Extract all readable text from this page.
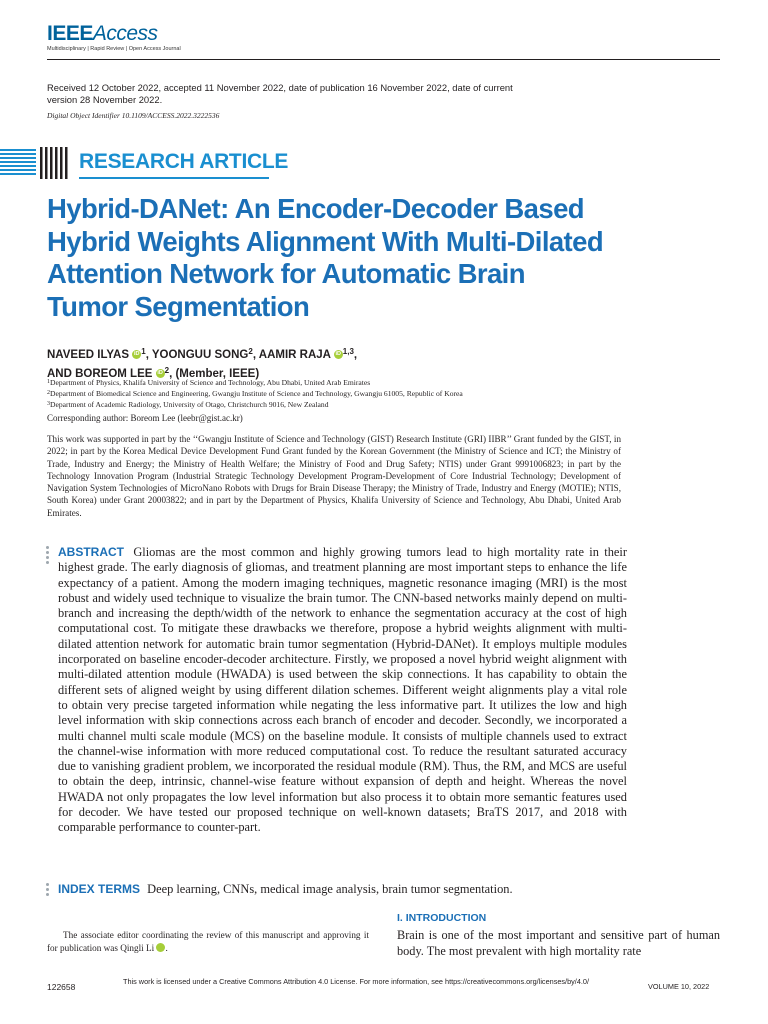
IEEEAccess
Multidisciplinary | Rapid Review | Open Access Journal
Received 12 October 2022, accepted 11 November 2022, date of publication 16 November 2022, date of current version 28 November 2022.
Digital Object Identifier 10.1109/ACCESS.2022.3222536
RESEARCH ARTICLE
Hybrid-DANet: An Encoder-Decoder Based Hybrid Weights Alignment With Multi-Dilated Attention Network for Automatic Brain Tumor Segmentation
NAVEED ILYAS iD $^1$, YOONGUU SONG$^2$, AAMIR RAJA iD $^{1,3}$,
AND BOREOM LEE iD $^2$, (Member, IEEE)
$^1$Department of Physics, Khalifa University of Science and Technology, Abu Dhabi, United Arab Emirates
$^2$Department of Biomedical Science and Engineering, Gwangju Institute of Science and Technology, Gwangju 61005, Republic of Korea
$^3$Department of Academic Radiology, University of Otago, Christchurch 9016, New Zealand
Corresponding author: Boreom Lee (leebr@gist.ac.kr)
This work was supported in part by the ‘‘Gwangju Institute of Science and Technology (GIST) Research Institute (GRI) IIBR’’ Grant funded by the GIST, in 2022; in part by the Korea Medical Device Development Fund Grant funded by the Korean Government (the Ministry of Science and ICT; the Ministry of Trade, Industry and Energy; the Ministry of Health Welfare; the Ministry of Food and Drug Safety; NTIS) under Grant 9991006823; in part by the Technology Innovation Program (Industrial Strategic Technology Development Program-Development of Core Industrial Technology; Development of Navigation System Technologies of MicroNano Robots with Drugs for Brain Disease Therapy; the Ministry of Trade, Industry and Energy (MOTIE); NTIS, South Korea) under Grant 20003822; and in part by the Department of Physics, Khalifa University of Science and Technology, Abu Dhabi, United Arab Emirates.
ABSTRACT Gliomas are the most common and highly growing tumors lead to high mortality rate in their highest grade. The early diagnosis of gliomas, and treatment planning are most important steps to enhance the life expectancy of a patient. Among the modern imaging techniques, magnetic resonance imaging (MRI) is the most robust and widely used technique to visualize the brain tumor. The CNN-based networks mainly depend on multi-branch and increasing the depth/width of the network to enhance the segmentation accuracy at the cost of high computational cost. To mitigate these drawbacks we therefore, propose a hybrid weights alignment with multi-dilated attention network for automatic brain tumor segmentation (Hybrid-DANet). It employs multiple modules incorporated on baseline encoder-decoder architecture. Firstly, we proposed a novel hybrid weight alignment with multi-dilated attention module (HWADA) is used between the skip connections. It has capability to obtain the different sets of aligned weight by using different dilation schemes. Different weight alignments play a vital role to obtain very precise targeted information while negating the less informative part. It utilizes the low and high level information with skip connections across each branch of encoder and decoder. Secondly, we incorporated a multi channel multi scale module (MCS) on the baseline module. It consists of multiple channels used to extract the channel-wise information with more reduced computational cost. To reduce the resultant saturated accuracy due to vanishing gradient problem, we incorporated the residual module (RM). Thus, the RM, and MCS are useful to obtain the deep, intrinsic, channel-wise feature without expansion of depth and height. Whereas the novel HWADA not only propagates the low level information but also process it to obtain more semantic features used for decoder. We have tested our proposed technique on well-known datasets; BraTS 2017, and 2018 with comparable performance to counter-part.
INDEX TERMS Deep learning, CNNs, medical image analysis, brain tumor segmentation.
The associate editor coordinating the review of this manuscript and approving it for publication was Qingli Li	iD.
I. INTRODUCTION
Brain is one of the most important and sensitive part of human body. The most prevalent with high mortality rate
122658
This work is licensed under a Creative Commons Attribution 4.0 License. For more information, see https://creativecommons.org/licenses/by/4.0/
VOLUME 10, 2022
